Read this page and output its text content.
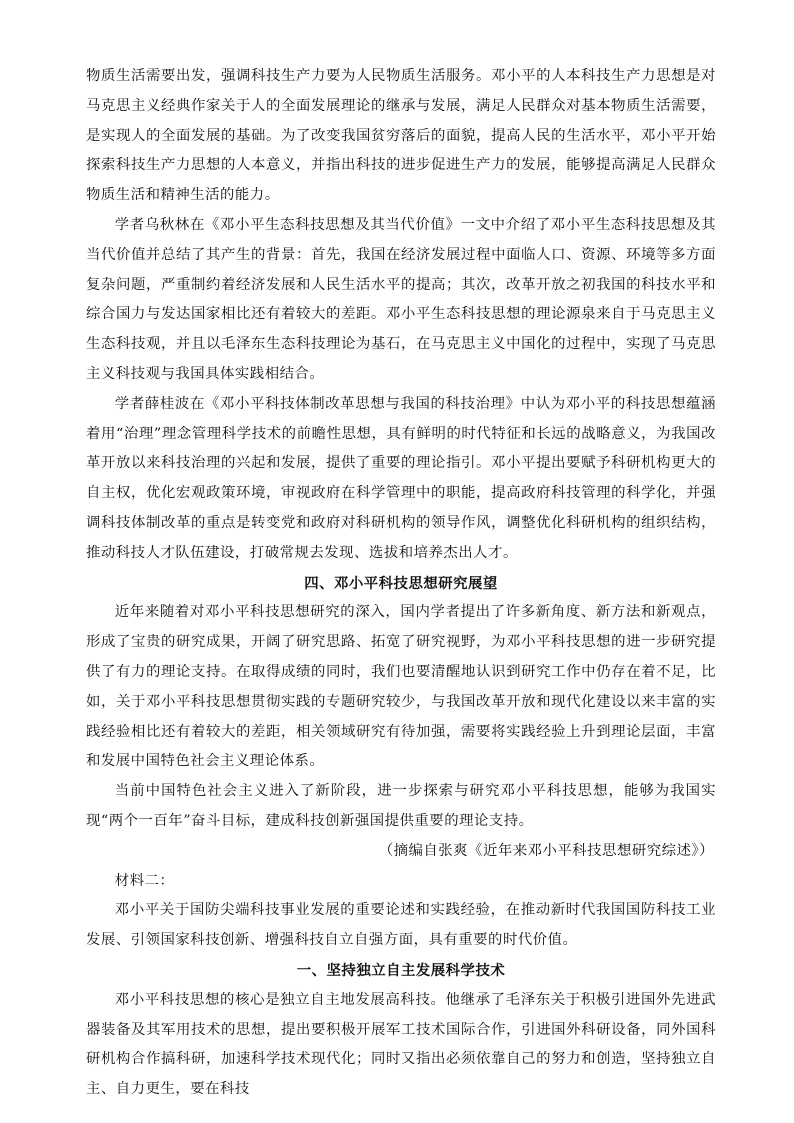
物质生活需要出发，强调科技生产力要为人民物质生活服务。邓小平的人本科技生产力思想是对马克思主义经典作家关于人的全面发展理论的继承与发展，满足人民群众对基本物质生活需要，是实现人的全面发展的基础。为了改变我国贫穷落后的面貌，提高人民的生活水平，邓小平开始探索科技生产力思想的人本意义，并指出科技的进步促进生产力的发展，能够提高满足人民群众物质生活和精神生活的能力。

学者乌秋林在《邓小平生态科技思想及其当代价值》一文中介绍了邓小平生态科技思想及其当代价值并总结了其产生的背景：首先，我国在经济发展过程中面临人口、资源、环境等多方面复杂问题，严重制约着经济发展和人民生活水平的提高；其次，改革开放之初我国的科技水平和综合国力与发达国家相比还有着较大的差距。邓小平生态科技思想的理论源泉来自于马克思主义生态科技观，并且以毛泽东生态科技理论为基石，在马克思主义中国化的过程中，实现了马克思主义科技观与我国具体实践相结合。

学者薛桂波在《邓小平科技体制改革思想与我国的科技治理》中认为邓小平的科技思想蕴涵着用“治理”理念管理科学技术的前瞻性思想，具有鲜明的时代特征和长远的战略意义，为我国改革开放以来科技治理的兴起和发展，提供了重要的理论指引。邓小平提出要赋予科研机构更大的自主权，优化宏观政策环境，审视政府在科学管理中的职能，提高政府科技管理的科学化，并强调科技体制改革的重点是转变党和政府对科研机构的领导作风，调整优化科研机构的组织结构，推动科技人才队伍建设，打破常规去发现、选拔和培养杰出人才。

四、邓小平科技思想研究展望

近年来随着对邓小平科技思想研究的深入，国内学者提出了许多新角度、新方法和新观点，形成了宝贵的研究成果，开阔了研究思路、拓宽了研究视野，为邓小平科技思想的进一步研究提供了有力的理论支持。在取得成绩的同时，我们也要清醒地认识到研究工作中仍存在着不足，比如，关于邓小平科技思想贯彻实践的专题研究较少，与我国改革开放和现代化建设以来丰富的实践经验相比还有着较大的差距，相关领域研究有待加强，需要将实践经验上升到理论层面，丰富和发展中国特色社会主义理论体系。

当前中国特色社会主义进入了新阶段，进一步探索与研究邓小平科技思想，能够为我国实现“两个一百年”奋斗目标，建成科技创新强国提供重要的理论支持。

（摘编自张爽《近年来邓小平科技思想研究综述》）

材料二：

邓小平关于国防尖端科技事业发展的重要论述和实践经验，在推动新时代我国国防科技工业发展、引领国家科技创新、增强科技自立自强方面，具有重要的时代价值。

一、坚持独立自主发展科学技术

邓小平科技思想的核心是独立自主地发展高科技。他继承了毛泽东关于积极引进国外先进武器装备及其军用技术的思想，提出要积极开展军工技术国际合作，引进国外科研设备，同外国科研机构合作搞科研，加速科学技术现代化；同时又指出必须依靠自己的努力和创造，坚持独立自主、自力更生，要在科技
